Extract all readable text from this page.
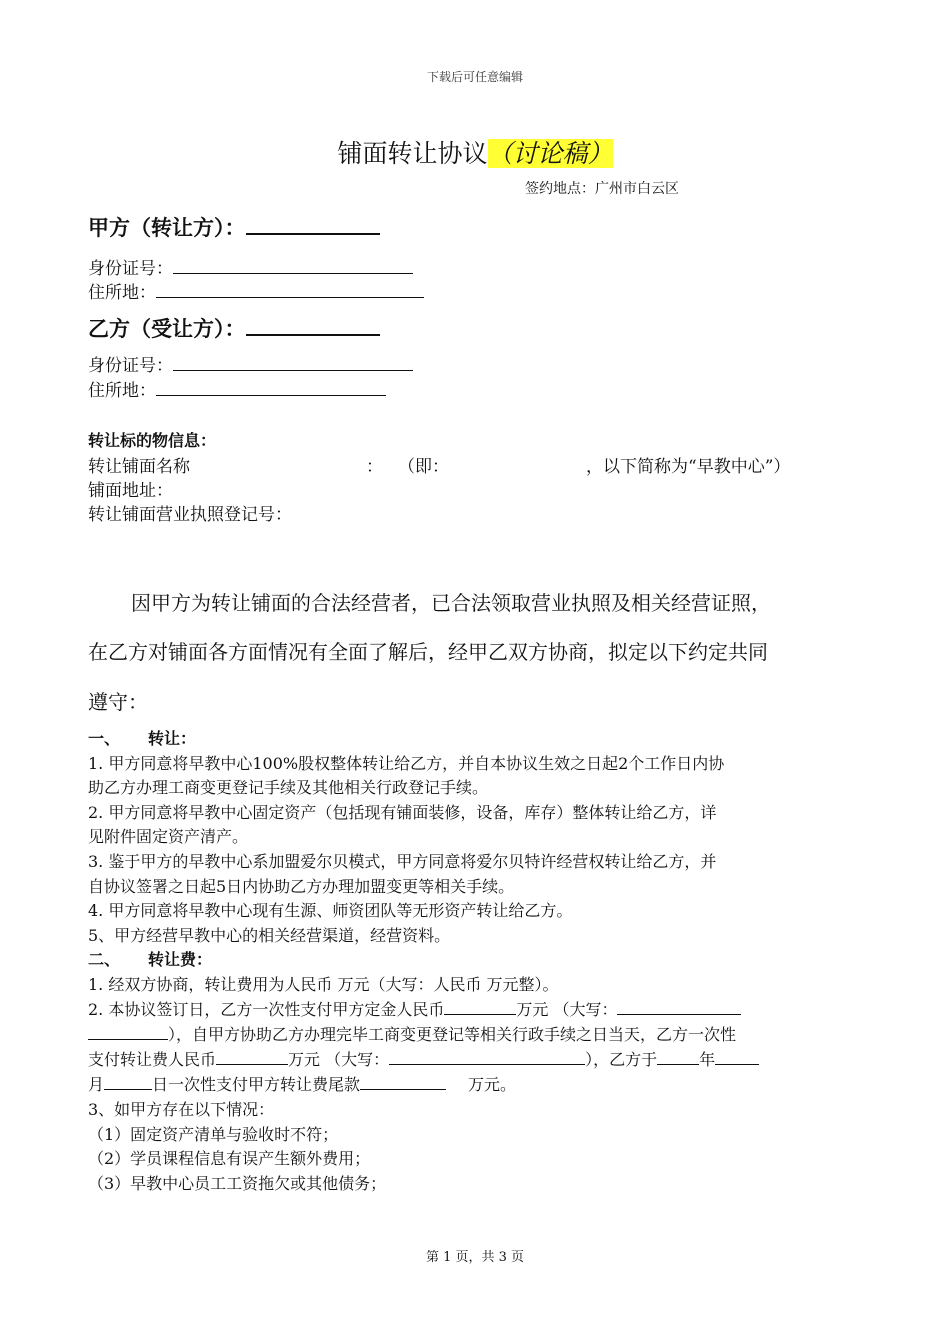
下载后可任意编辑
铺面转让协议（讨论稿）
签约地点：广州市白云区
甲方（转让方）：
身份证号：
住所地：
乙方（受让方）：
身份证号：
住所地：
转让标的物信息：
转让铺面名称	： （即：	，以下简称为“早教中心”）
铺面地址：
转让铺面营业执照登记号：
因甲方为转让铺面的合法经营者，已合法领取营业执照及相关经营证照，
在乙方对铺面各方面情况有全面了解后，经甲乙双方协商，拟定以下约定共同
遵守：
一、 转让：
1. 甲方同意将早教中心100%股权整体转让给乙方，并自本协议生效之日起2个工作日内协
助乙方办理工商变更登记手续及其他相关行政登记手续。
2. 甲方同意将早教中心固定资产（包括现有铺面装修，设备，库存）整体转让给乙方，详
见附件固定资产清产。
3. 鉴于甲方的早教中心系加盟爱尔贝模式，甲方同意将爱尔贝特许经营权转让给乙方，并
自协议签署之日起5日内协助乙方办理加盟变更等相关手续。
4. 甲方同意将早教中心现有生源、师资团队等无形资产转让给乙方。
5、甲方经营早教中心的相关经营渠道，经营资料。
二、 转让费：
1. 经双方协商，转让费用为人民币 万元（大写：人民币 万元整）。
2. 本协议签订日，乙方一次性支付甲方定金人民币	万元 （大写：
），自甲方协助乙方办理完毕工商变更登记等相关行政手续之日当天，乙方一次性
支付转让费人民币	万元 （大写：	），乙方于	年
月	日一次性支付甲方转让费尾款	万元。
3、如甲方存在以下情况：
（1）固定资产清单与验收时不符；
（2）学员课程信息有误产生额外费用；
（3）早教中心员工工资拖欠或其他债务；
第 1 页，共 3 页
